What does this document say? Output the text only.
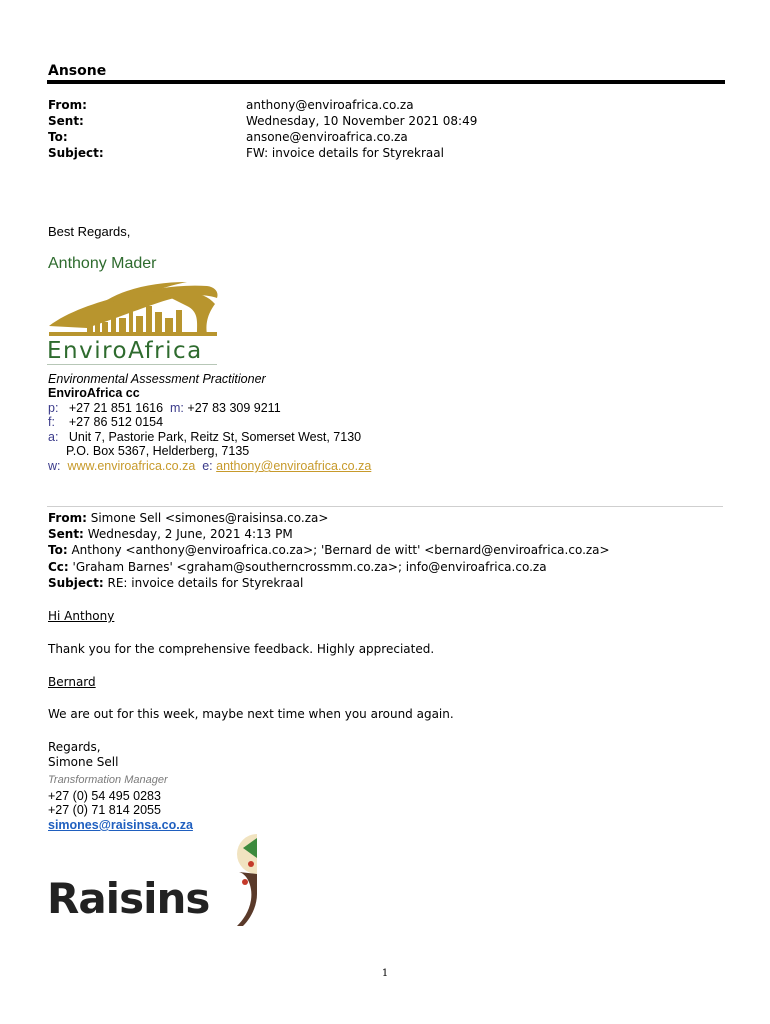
Ansone
From:	anthony@enviroafrica.co.za
Sent:	Wednesday, 10 November 2021 08:49
To:	ansone@enviroafrica.co.za
Subject:	FW: invoice details for Styrekraal
Best Regards,
Anthony Mader
EnviroAfrica
Environmental Assessment Practitioner
EnviroAfrica cc
p: +27 21 851 1616 m: +27 83 309 9211
f: +27 86 512 0154
a: Unit 7, Pastorie Park, Reitz St, Somerset West, 7130
P.O. Box 5367, Helderberg, 7135
w: www.enviroafrica.co.za e: anthony@enviroafrica.co.za
From: Simone Sell <simones@raisinsa.co.za>
Sent: Wednesday, 2 June, 2021 4:13 PM
To: Anthony <anthony@enviroafrica.co.za>; 'Bernard de witt' <bernard@enviroafrica.co.za>
Cc: 'Graham Barnes' <graham@southerncrossmm.co.za>; info@enviroafrica.co.za
Subject: RE: invoice details for Styrekraal
Hi Anthony
Thank you for the comprehensive feedback. Highly appreciated.
Bernard
We are out for this week, maybe next time when you around again.
Regards,
Simone Sell
Transformation Manager
+27 (0) 54 495 0283
+27 (0) 71 814 2055
simones@raisinsa.co.za
Raisins
1
